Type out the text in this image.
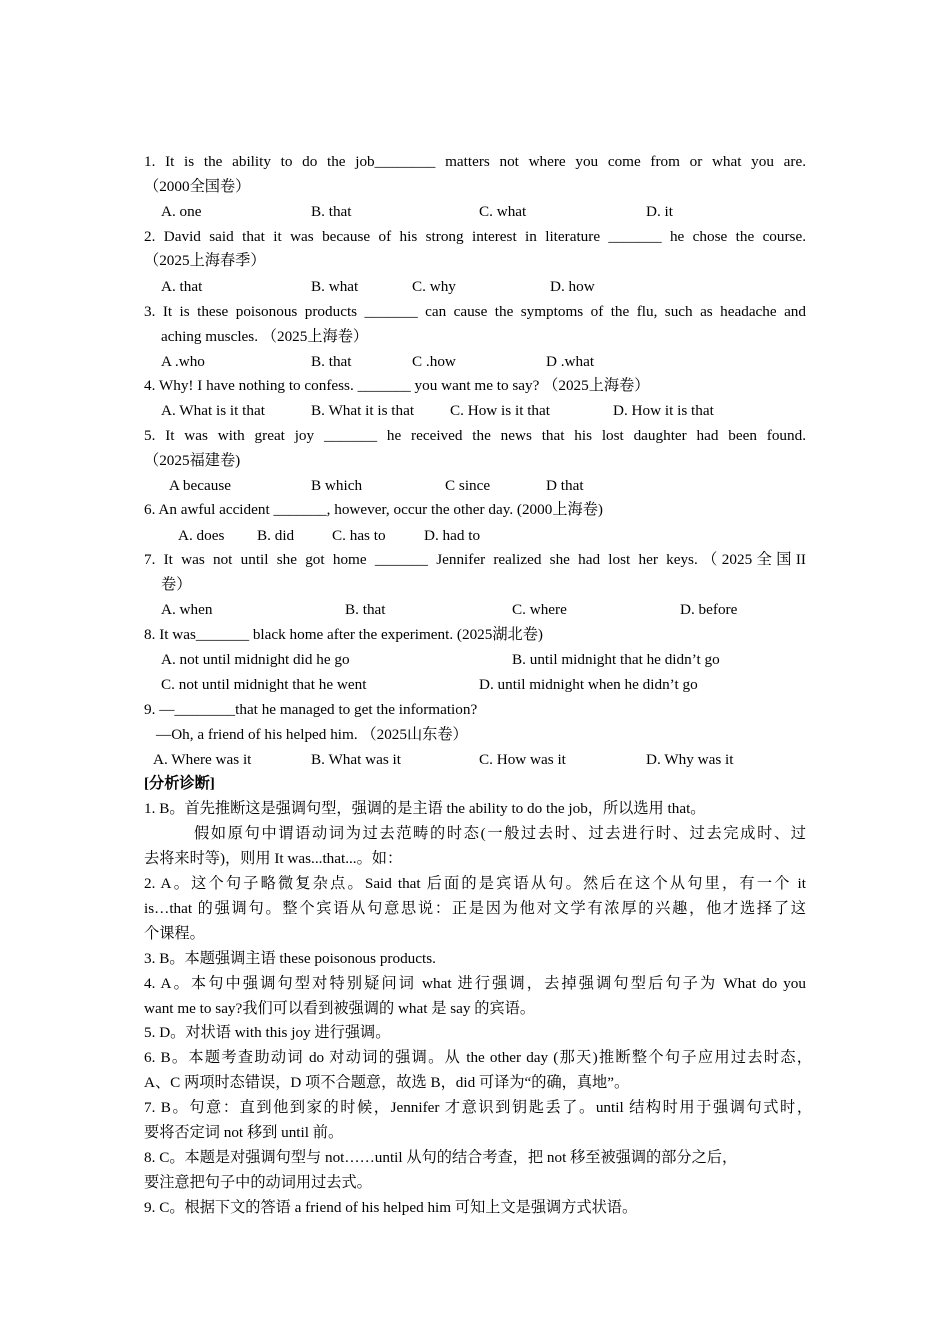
1. It is the ability to do the job________ matters not where you come from or what you are.
（2000全国卷）
A. one	B. that	C. what	D. it
2. David said that it was because of his strong interest in literature _______ he chose the course.
（2025上海春季）
A. that	B. what	C. why	D. how
3. It is these poisonous products _______ can cause the symptoms of the flu, such as headache and
aching muscles. （2025上海卷）
A .who	B. that	C .how	D .what
4. Why! I have nothing to confess. _______ you want me to say? （2025上海卷）
A. What is it that	B. What it is that C. How is it that	D. How it is that
5. It was with great joy _______ he received the news that his lost daughter had been found.
（2025福建卷)
A because	B which	C since	D that
6. An awful accident _______, however, occur the other day. (2000上海卷)
A. does B. did C. has to	D. had to
7. It was not until she got home _______ Jennifer realized she had lost her keys.（2025全国II
卷）
A. when	B. that	C. where	D. before
8. It was_______ black home after the experiment. (2025湖北卷)
A. not until midnight did he go	B. until midnight that he didn’t go
C. not until midnight that he went	D. until midnight when he didn’t go
9. —________that he managed to get the information?
—Oh, a friend of his helped him. （2025山东卷）
A. Where was it	B. What was it	C. How was it	D. Why was it
[分析诊断]
1. B。首先推断这是强调句型，强调的是主语 the ability to do the job，所以选用 that。
假如原句中谓语动词为过去范畴的时态(一般过去时、过去进行时、过去完成时、过
去将来时等)，则用 It was...that...。如：
2. A。这个句子略微复杂点。Said that 后面的是宾语从句。然后在这个从句里，有一个 it
is…that 的强调句。整个宾语从句意思说：正是因为他对文学有浓厚的兴趣，他才选择了这
个课程。
3. B。本题强调主语 these poisonous products.
4. A。本句中强调句型对特别疑问词 what 进行强调，去掉强调句型后句子为 What do you
want me to say?我们可以看到被强调的 what 是 say 的宾语。
5. D。对状语 with this joy 进行强调。
6. B。本题考查助动词 do 对动词的强调。从 the other day (那天)推断整个句子应用过去时态，
A、C 两项时态错误，D 项不合题意，故选 B，did 可译为“的确，真地”。
7. B。句意：直到他到家的时候，Jennifer 才意识到钥匙丢了。until 结构时用于强调句式时，
要将否定词 not 移到 until 前。
8. C。本题是对强调句型与 not……until 从句的结合考查，把 not 移至被强调的部分之后，
要注意把句子中的动词用过去式。
9. C。根据下文的答语 a friend of his helped him 可知上文是强调方式状语。
